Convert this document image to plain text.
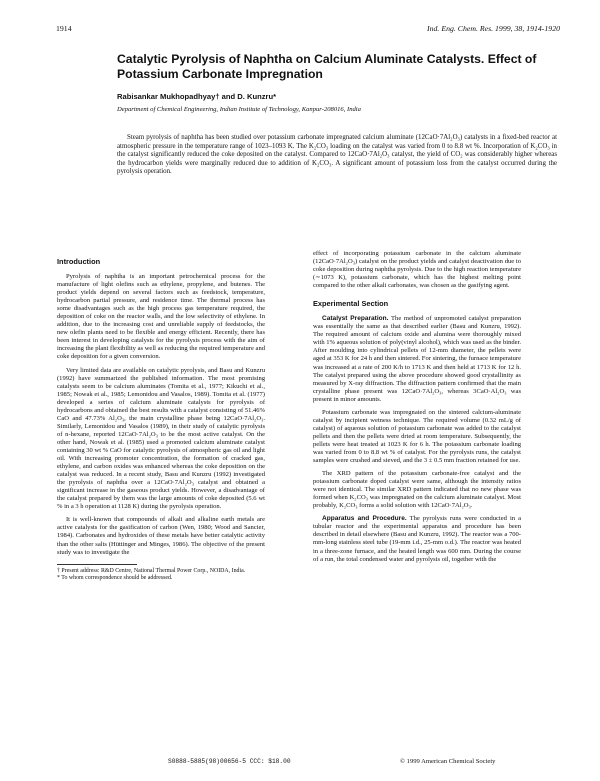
1914	Ind. Eng. Chem. Res. 1999, 38, 1914-1920
Catalytic Pyrolysis of Naphtha on Calcium Aluminate Catalysts. Effect of Potassium Carbonate Impregnation
Rabisankar Mukhopadhyay† and D. Kunzru*
Department of Chemical Engineering, Indian Institute of Technology, Kanpur-208016, India

Steam pyrolysis of naphtha has been studied over potassium carbonate impregnated calcium aluminate (12CaO·7Al₂O₃) catalysts in a fixed-bed reactor at atmospheric pressure in the temperature range of 1023–1093 K. The K₂CO₃ loading on the catalyst was varied from 0 to 8.8 wt %. Incorporation of K₂CO₃ in the catalyst significantly reduced the coke deposited on the catalyst. Compared to 12CaO·7Al₂O₃ catalyst, the yield of CO₂ was considerably higher whereas the hydrocarbon yields were marginally reduced due to addition of K₂CO₃. A significant amount of potassium loss from the catalyst occurred during the pyrolysis operation.

Introduction

Pyrolysis of naphtha is an important petrochemical process for the manufacture of light olefins such as ethylene, propylene, and butenes. The product yields depend on several factors such as feedstock, temperature, hydrocarbon partial pressure, and residence time. The thermal process has some disadvantages such as the high process gas temperature required, the deposition of coke on the reactor walls, and the low selectivity of ethylene. In addition, due to the increasing cost and unreliable supply of feedstocks, the new olefin plants need to be flexible and energy efficient. Recently, there has been interest in developing catalysts for the pyrolysis process with the aim of increasing the plant flexibility as well as reducing the required temperature and coke deposition for a given conversion.

Very limited data are available on catalytic pyrolysis, and Basu and Kunzru (1992) have summarized the published information. The most promising catalysts seem to be calcium aluminates (Tomita et al., 1977; Kikuchi et al., 1985; Nowak et al., 1985; Lemonidou and Vasalos, 1989). Tomita et al. (1977) developed a series of calcium aluminate catalysts for pyrolysis of hydrocarbons and obtained the best results with a catalyst consisting of 51.46% CaO and 47.73% Al₂O₃, the main crystalline phase being 12CaO·7Al₂O₃. Similarly, Lemonidou and Vasalos (1989), in their study of catalytic pyrolysis of n-hexane, reported 12CaO·7Al₂O₃ to be the most active catalyst. On the other hand, Nowak et al. (1985) used a promoted calcium aluminate catalyst containing 30 wt % CaO for catalytic pyrolysis of atmospheric gas oil and light oil. With increasing promoter concentration, the formation of cracked gas, ethylene, and carbon oxides was enhanced whereas the coke deposition on the catalyst was reduced. In a recent study, Basu and Kunzru (1992) investigated the pyrolysis of naphtha over a 12CaO·7Al₂O₃ catalyst and obtained a significant increase in the gaseous product yields. However, a disadvantage of the catalyst prepared by them was the large amounts of coke deposited (5.6 wt % in a 3 h operation at 1128 K) during the pyrolysis operation.

It is well-known that compounds of alkali and alkaline earth metals are active catalysts for the gasification of carbon (Wen, 1980; Wood and Sancier, 1984). Carbonates and hydroxides of these metals have better catalytic activity than the other salts (Hüttinger and Minges, 1986). The objective of the present study was to investigate the

† Present address: R&D Centre, National Thermal Power Corp., NOIDA, India.

* To whom correspondence should be addressed.

effect of incorporating potassium carbonate in the calcium aluminate (12CaO·7Al₂O₃) catalyst on the product yields and catalyst deactivation due to coke deposition during naphtha pyrolysis. Due to the high reaction temperature (∼1073 K), potassium carbonate, which has the highest melting point compared to the other alkali carbonates, was chosen as the gasifying agent.

Experimental Section

Catalyst Preparation. The method of unpromoted catalyst preparation was essentially the same as that described earlier (Basu and Kunzru, 1992). The required amount of calcium oxide and alumina were thoroughly mixed with 1% aqueous solution of poly(vinyl alcohol), which was used as the binder. After moulding into cylindrical pellets of 12-mm diameter, the pellets were aged at 353 K for 24 h and then sintered. For sintering, the furnace temperature was increased at a rate of 200 K/h to 1713 K and then held at 1713 K for 12 h. The catalyst prepared using the above procedure showed good crystallinity as measured by X-ray diffraction. The diffraction pattern confirmed that the main crystalline phase present was 12CaO·7Al₂O₃, whereas 3CaO·Al₂O₃ was present in minor amounts.

Potassium carbonate was impregnated on the sintered calcium-aluminate catalyst by incipient wetness technique. The required volume (0.32 mL/g of catalyst) of aqueous solution of potassium carbonate was added to the catalyst pellets and then the pellets were dried at room temperature. Subsequently, the pellets were heat treated at 1023 K for 6 h. The potassium carbonate loading was varied from 0 to 8.8 wt % of catalyst. For the pyrolysis runs, the catalyst samples were crushed and sieved, and the 3 ± 0.5 mm fraction retained for use.

The XRD pattern of the potassium carbonate-free catalyst and the potassium carbonate doped catalyst were same, although the intensity ratios were not identical. The similar XRD pattern indicated that no new phase was formed when K₂CO₃ was impregnated on the calcium aluminate catalyst. Most probably, K₂CO₃ forms a solid solution with 12CaO·7Al₂O₃.

Apparatus and Procedure. The pyrolysis runs were conducted in a tubular reactor and the experimental apparatus and procedure has been described in detail elsewhere (Basu and Kunzru, 1992). The reactor was a 700-mm-long stainless steel tube (19-mm i.d., 25-mm o.d.). The reactor was heated in a three-zone furnace, and the heated length was 600 mm. During the course of a run, the total condensed water and pyrolysis oil, together with the

S0888-5885(98)00656-5 CCC: $18.00	© 1999 American Chemical Society
